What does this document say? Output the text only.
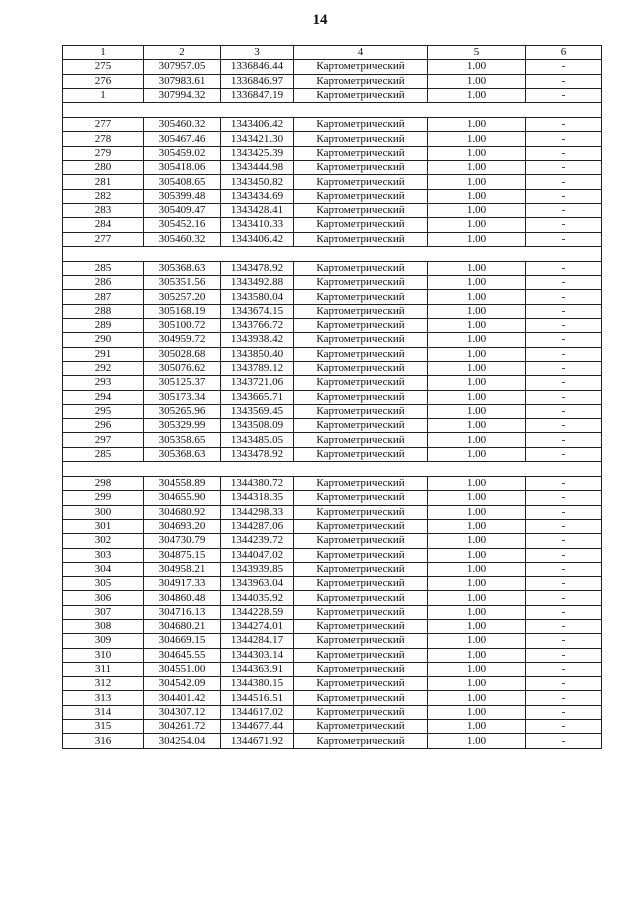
14
1	2	3	4	5	6
275	307957.05	1336846.44	Картометрический	1.00	-
276	307983.61	1336846.97	Картометрический	1.00	-
1	307994.32	1336847.19	Картометрический	1.00	-

277	305460.32	1343406.42	Картометрический	1.00	-
278	305467.46	1343421.30	Картометрический	1.00	-
279	305459.02	1343425.39	Картометрический	1.00	-
280	305418.06	1343444.98	Картометрический	1.00	-
281	305408.65	1343450.82	Картометрический	1.00	-
282	305399.48	1343434.69	Картометрический	1.00	-
283	305409.47	1343428.41	Картометрический	1.00	-
284	305452.16	1343410.33	Картометрический	1.00	-
277	305460.32	1343406.42	Картометрический	1.00	-

285	305368.63	1343478.92	Картометрический	1.00	-
286	305351.56	1343492.88	Картометрический	1.00	-
287	305257.20	1343580.04	Картометрический	1.00	-
288	305168.19	1343674.15	Картометрический	1.00	-
289	305100.72	1343766.72	Картометрический	1.00	-
290	304959.72	1343938.42	Картометрический	1.00	-
291	305028.68	1343850.40	Картометрический	1.00	-
292	305076.62	1343789.12	Картометрический	1.00	-
293	305125.37	1343721.06	Картометрический	1.00	-
294	305173.34	1343665.71	Картометрический	1.00	-
295	305265.96	1343569.45	Картометрический	1.00	-
296	305329.99	1343508.09	Картометрический	1.00	-
297	305358.65	1343485.05	Картометрический	1.00	-
285	305368.63	1343478.92	Картометрический	1.00	-

298	304558.89	1344380.72	Картометрический	1.00	-
299	304655.90	1344318.35	Картометрический	1.00	-
300	304680.92	1344298.33	Картометрический	1.00	-
301	304693.20	1344287.06	Картометрический	1.00	-
302	304730.79	1344239.72	Картометрический	1.00	-
303	304875.15	1344047.02	Картометрический	1.00	-
304	304958.21	1343939.85	Картометрический	1.00	-
305	304917.33	1343963.04	Картометрический	1.00	-
306	304860.48	1344035.92	Картометрический	1.00	-
307	304716.13	1344228.59	Картометрический	1.00	-
308	304680.21	1344274.01	Картометрический	1.00	-
309	304669.15	1344284.17	Картометрический	1.00	-
310	304645.55	1344303.14	Картометрический	1.00	-
311	304551.00	1344363.91	Картометрический	1.00	-
312	304542.09	1344380.15	Картометрический	1.00	-
313	304401.42	1344516.51	Картометрический	1.00	-
314	304307.12	1344617.02	Картометрический	1.00	-
315	304261.72	1344677.44	Картометрический	1.00	-
316	304254.04	1344671.92	Картометрический	1.00	-
